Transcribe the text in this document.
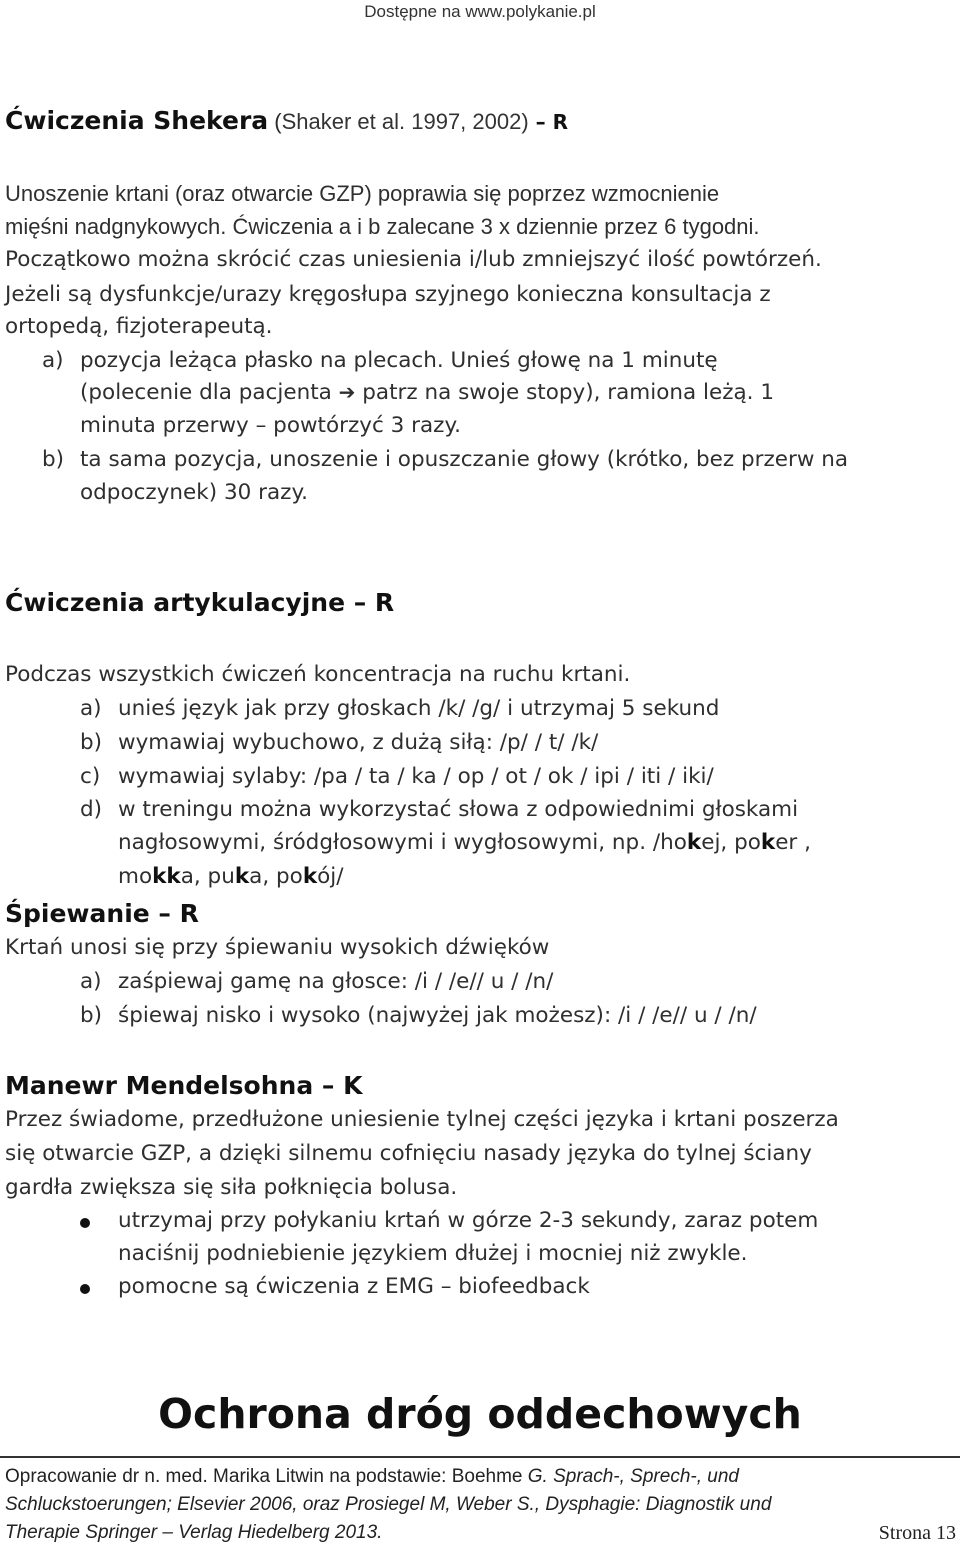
Dostępne na www.polykanie.pl
Ćwiczenia Shekera (Shaker et al. 1997, 2002) – R
Unoszenie krtani (oraz otwarcie GZP) poprawia się poprzez wzmocnienie
mięśni nadgnykowych. Ćwiczenia a i b zalecane 3 x dziennie przez 6 tygodni.
Początkowo można skrócić czas uniesienia i/lub zmniejszyć ilość powtórzeń.
Jeżeli są dysfunkcje/urazy kręgosłupa szyjnego konieczna konsultacja z
ortopedą, fizjoterapeutą.
a) pozycja leżąca płasko na plecach. Unieś głowę na 1 minutę
(polecenie dla pacjenta ➔ patrz na swoje stopy), ramiona leżą. 1
minuta przerwy – powtórzyć 3 razy.
b) ta sama pozycja, unoszenie i opuszczanie głowy (krótko, bez przerw na
odpoczynek) 30 razy.
Ćwiczenia artykulacyjne – R
Podczas wszystkich ćwiczeń koncentracja na ruchu krtani.
a) unieś język jak przy głoskach /k/ /g/ i utrzymaj 5 sekund
b) wymawiaj wybuchowo, z dużą siłą: /p/ / t/ /k/
c) wymawiaj sylaby: /pa / ta / ka / op / ot / ok / ipi / iti / iki/
d) w treningu można wykorzystać słowa z odpowiednimi głoskami
nagłosowymi, śródgłosowymi i wygłosowymi, np. /hokej, poker ,
mokka, puka, pokój/
Śpiewanie – R
Krtań unosi się przy śpiewaniu wysokich dźwięków
a) zaśpiewaj gamę na głosce: /i / /e// u / /n/
b) śpiewaj nisko i wysoko (najwyżej jak możesz): /i / /e// u / /n/
Manewr Mendelsohna – K
Przez świadome, przedłużone uniesienie tylnej części języka i krtani poszerza
się otwarcie GZP, a dzięki silnemu cofnięciu nasady języka do tylnej ściany
gardła zwiększa się siła połknięcia bolusa.
utrzymaj przy połykaniu krtań w górze 2-3 sekundy, zaraz potem
naciśnij podniebienie językiem dłużej i mocniej niż zwykle.
pomocne są ćwiczenia z EMG – biofeedback
Ochrona dróg oddechowych
Opracowanie dr n. med. Marika Litwin na podstawie: Boehme G. Sprach-, Sprech-, und
Schluckstoerungen; Elsevier 2006, oraz Prosiegel M, Weber S., Dysphagie: Diagnostik und
Therapie Springer – Verlag Hiedelberg 2013.	Strona 13
